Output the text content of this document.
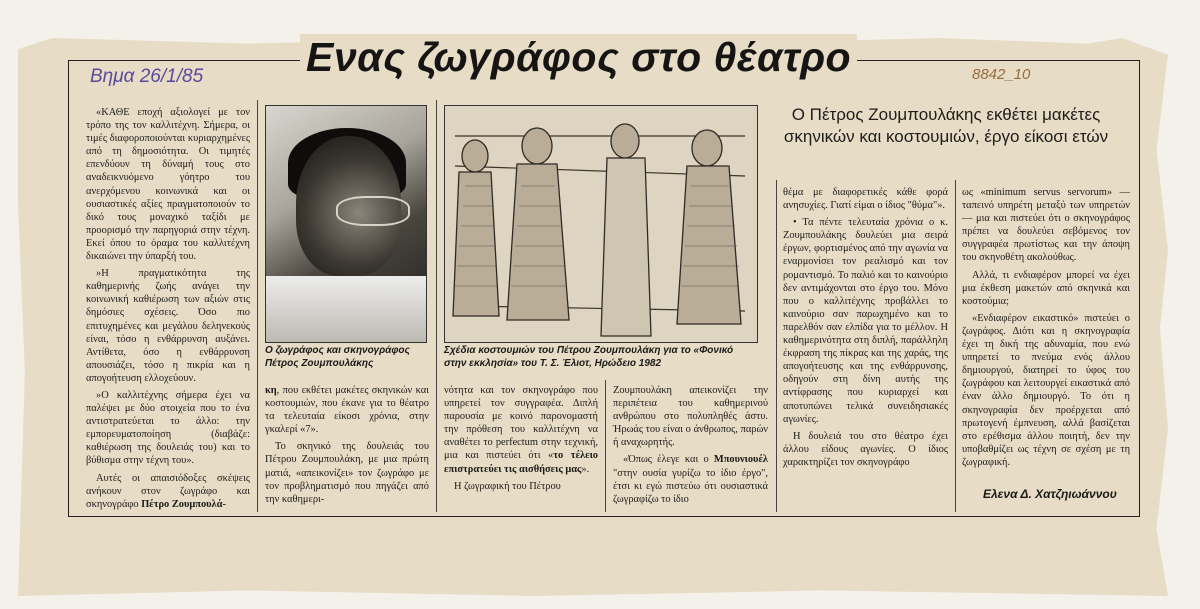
Ενας ζωγράφος στο θέατρο
Βημα 26/1/85	8842_10
Ο Πέτρος Ζουμπουλάκης εκθέτει μακέτες σκηνικών και κοστουμιών, έργο είκοσι ετών

«ΚΑΘΕ εποχή αξιολογεί με τον τρόπο της τον καλλιτέχνη. Σήμερα, οι τιμές διαφοροποιούνται κυριαρχημένες από τη δημοσιότητα. Οι τιμητές επενδύουν τη δύναμή τους στο αναδεικνυόμενο γόητρο του ανερχόμενου κοινωνικά και οι ουσιαστικές αξίες πραγματοποιούν το δικό τους μοναχικό ταξίδι με προορισμό την παρηγοριά στην τέχνη. Εκεί όπου το όραμα του καλλιτέχνη δικαιώνει την ύπαρξή του.

»Η πραγματικότητα της καθημερινής ζωής ανάγει την κοινωνική καθιέρωση των αξιών στις δημόσιες σχέσεις. Όσο πιο επιτυχημένες και μεγάλου δεληνεκούς είναι, τόσο η ενθάρρυνση αυξάνει. Αντίθετα, όσο η ενθάρρυνση απουσιάζει, τόσο η πικρία και η απογοήτευση ελλοχεύουν.

»Ο καλλιτέχνης σήμερα έχει να παλέψει με δύο στοιχεία που το ένα αντιστρατεύεται το άλλο: την εμπορευματοποίηση (διαβάζε: καθιέρωση της δουλειάς του) και το βύθισμα στην τέχνη του».

Αυτές οι απαισιόδοξες σκέψεις ανήκουν στον ζωγράφο και σκηνογράφο Πέτρο Ζουμπουλά-

Ο ζωγράφος και σκηνογράφος Πέτρος Ζουμπουλάκης
Σχέδια κοστουμιών του Πέτρου Ζουμπουλάκη για το «Φονικό στην εκκλησία» του Τ. Σ. Έλιοτ, Ηρώδειο 1982

κη, που εκθέτει μακέτες σκηνικών και κοστουμιών, που έκανε για το θέατρο τα τελευταία είκοσι χρόνια, στην γκαλερί «7».

Το σκηνικό της δουλειάς του Πέτρου Ζουμπουλάκη, με μια πρώτη ματιά, «απεικονίζει» τον ζωγράφο με τον προβληματισμό που πηγάζει από την καθημερι-

νότητα και τον σκηνογράφο που υπηρετεί τον συγγραφέα. Διπλή παρουσία με κοινό παρονομαστή την πρόθεση του καλλιτέχνη να αναθέτει το perfectum στην τεχνική, μια και πιστεύει ότι «το τέλειο επιστρατεύει τις αισθήσεις μας».

Η ζωγραφική του Πέτρου

Ζουμπουλάκη απεικονίζει την περιπέτεια του καθημερινού ανθρώπου στο πολυπληθές άστυ. Ήρωάς του είναι ο άνθρωπος, παρών ή αναχωρητής.

«Όπως έλεγε και ο Μπουνιουέλ "στην ουσία γυρίζω το ίδιο έργο", έτσι κι εγώ πιστεύω ότι ουσιαστικά ζωγραφίζω το ίδιο

θέμα με διαφορετικές κάθε φορά ανησυχίες. Γιατί είμαι ο ίδιος "θύμα"».

• Τα πέντε τελευταία χρόνια ο κ. Ζουμπουλάκης δουλεύει μια σειρά έργων, φορτισμένος από την αγωνία να εναρμονίσει τον ρεαλισμό και τον ρομαντισμό. Το παλιό και το καινούριο δεν αντιμάχονται στο έργο του. Μόνο που ο καλλιτέχνης προβάλλει το καινούριο σαν παρωχημένο και το παρελθόν σαν ελπίδα για το μέλλον. Η καθημερινότητα στη διπλή, παράλληλη έκφραση της πίκρας και της χαράς, της απογοήτευσης και της ενθάρρυνσης, οδηγούν στη δίνη αυτής της αντίφρασης που κυριαρχεί και αποτυπώνει τελικά συνειδησιακές αγωνίες.

Η δουλειά του στο θέατρο έχει άλλου είδους αγωνίες. Ο ίδιος χαρακτηρίζει τον σκηνογράφο

ως «minimum servus servorum» — ταπεινό υπηρέτη μεταξύ των υπηρετών — μια και πιστεύει ότι ο σκηνογράφος πρέπει να δουλεύει σεβόμενος τον συγγραφέα πρωτίστως και την άποψη του σκηνοθέτη ακολούθως.

Αλλά, τι ενδιαφέρον μπορεί να έχει μια έκθεση μακετών από σκηνικά και κοστούμια;

«Ενδιαφέρον εικαστικό» πιστεύει ο ζωγράφος. Διότι και η σκηνογραφία έχει τη δική της αδυναμία, που ενώ υπηρετεί το πνεύμα ενός άλλου δημιουργού, διατηρεί το ύφος του ζωγράφου και λειτουργεί εικαστικά από έναν άλλο δημιουργό. Το ότι η σκηνογραφία δεν προέρχεται από πρωτογενή έμπνευση, αλλά βασίζεται στο ερέθισμα άλλου ποιητή, δεν την υποβαθμίζει ως τέχνη σε σχέση με τη ζωγραφική.

Ελενα Δ. Χατζηιωάννου
